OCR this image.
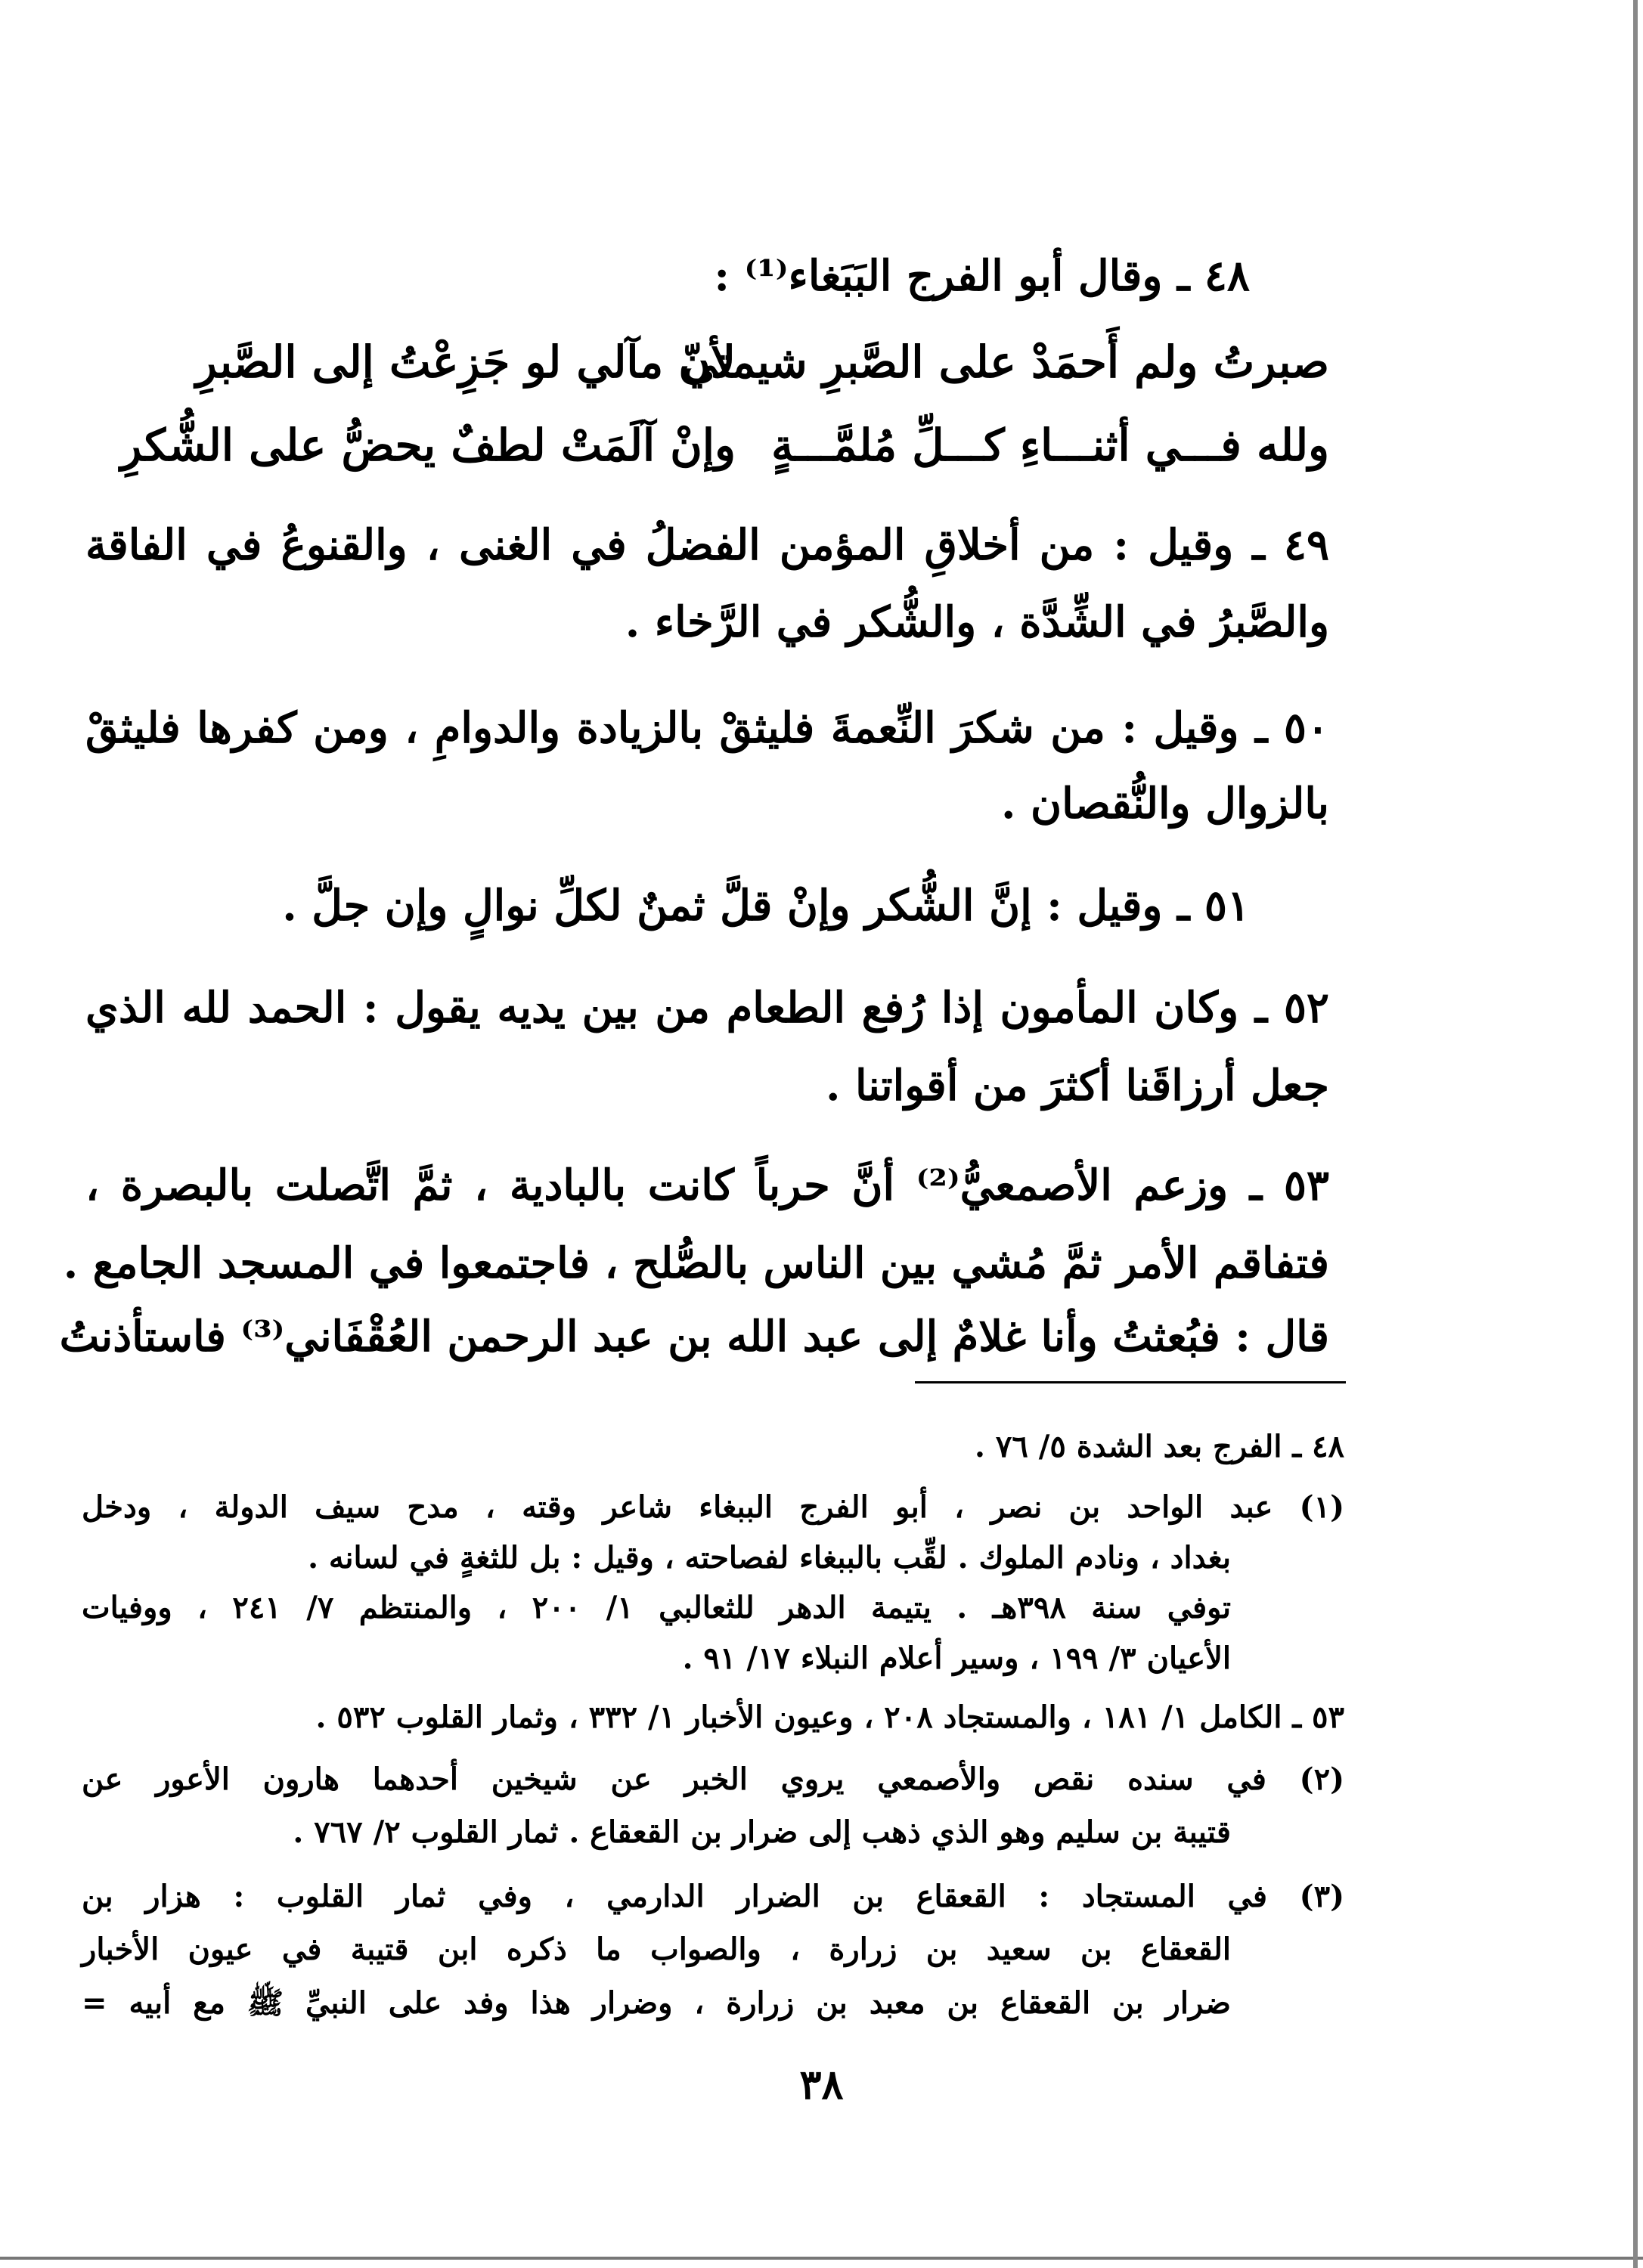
٤٨ ـ وقال أبو الفرج البَبَغاء⁽¹⁾ :
صبرتُ ولم أَحمَدْ على الصَّبرِ شيمتي
لأنّ مآلي لو جَزِعْتُ إلى الصَّبرِ
ولله فـــي أثنـــاءِ كـــلِّ مُلمَّـــةٍ
وإنْ آلَمَتْ لطفٌ يحضُّ على الشُّكرِ
٤٩ ـ وقيل : من أخلاقِ المؤمن الفضلُ في الغنى ، والقنوعُ في الفاقة
والصَّبرُ في الشِّدَّة ، والشُّكر في الرَّخاء .
٥٠ ـ وقيل : من شكرَ النِّعمةَ فليثقْ بالزيادة والدوامِ ، ومن كفرها فليثقْ
بالزوال والنُّقصان .
٥١ ـ وقيل : إنَّ الشُّكر وإنْ قلَّ ثمنٌ لكلِّ نوالٍ وإن جلَّ .
٥٢ ـ وكان المأمون إذا رُفع الطعام من بين يديه يقول : الحمد لله الذي
جعل أرزاقَنا أكثرَ من أقواتنا .
٥٣ ـ وزعم الأصمعيُّ⁽²⁾ أنَّ حرباً كانت بالبادية ، ثمَّ اتَّصلت بالبصرة ،
فتفاقم الأمر ثمَّ مُشي بين الناس بالصُّلح ، فاجتمعوا في المسجد الجامع .
قال : فبُعثتُ وأنا غلامٌ إلى عبد الله بن عبد الرحمن العُقْفَاني⁽³⁾ فاستأذنتُ
٤٨ ـ الفرج بعد الشدة ٥/ ٧٦ .
(١) عبد الواحد بن نصر ، أبو الفرج الببغاء شاعر وقته ، مدح سيف الدولة ، ودخل
بغداد ، ونادم الملوك . لقِّب بالببغاء لفصاحته ، وقيل : بل للثغةٍ في لسانه .
توفي سنة ٣٩٨هـ . يتيمة الدهر للثعالبي ١/ ٢٠٠ ، والمنتظم ٧/ ٢٤١ ، ووفيات
الأعيان ٣/ ١٩٩ ، وسير أعلام النبلاء ١٧/ ٩١ .
٥٣ ـ الكامل ١/ ١٨١ ، والمستجاد ٢٠٨ ، وعيون الأخبار ١/ ٣٣٢ ، وثمار القلوب ٥٣٢ .
(٢) في سنده نقص والأصمعي يروي الخبر عن شيخين أحدهما هارون الأعور عن
قتيبة بن سليم وهو الذي ذهب إلى ضرار بن القعقاع . ثمار القلوب ٢/ ٧٦٧ .
(٣) في المستجاد : القعقاع بن الضرار الدارمي ، وفي ثمار القلوب : هزار بن
القعقاع بن سعيد بن زرارة ، والصواب ما ذكره ابن قتيبة في عيون الأخبار
ضرار بن القعقاع بن معبد بن زرارة ، وضرار هذا وفد على النبيِّ ﷺ مع أبيه =
٣٨
